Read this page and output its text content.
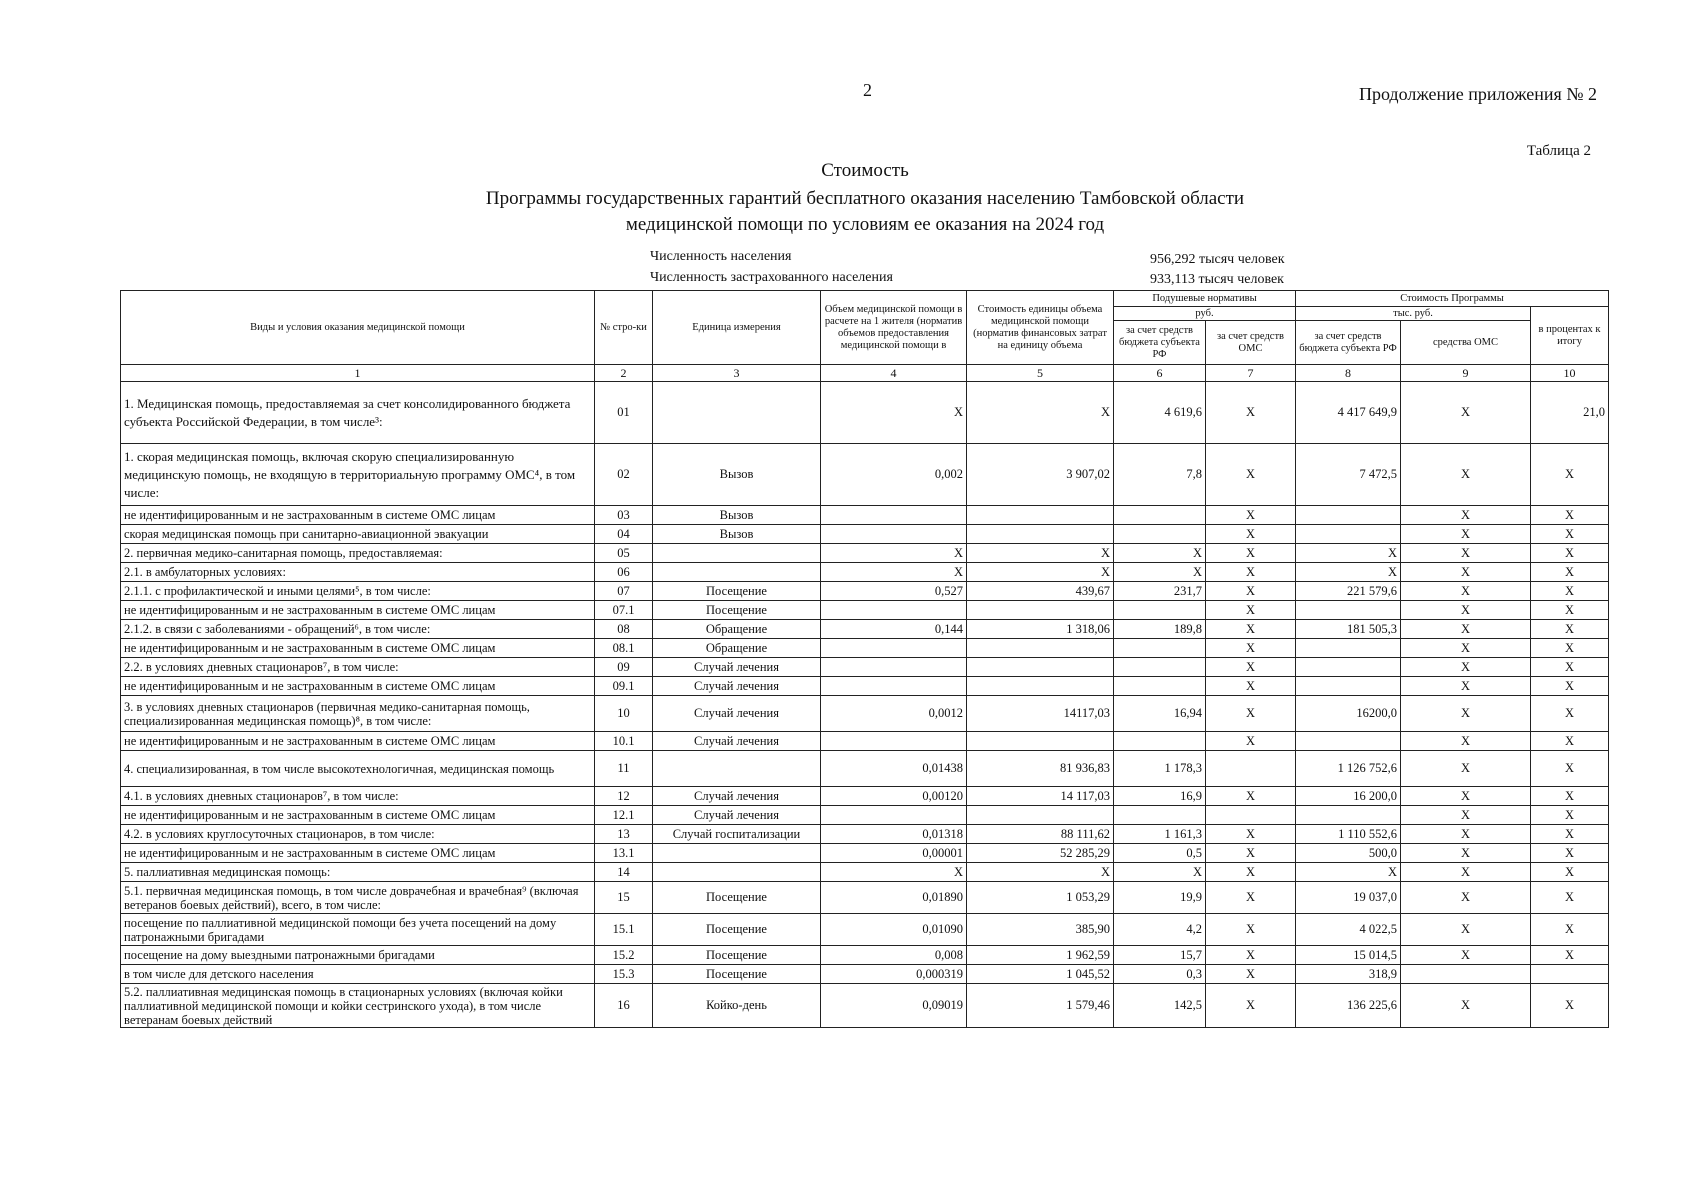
2	Продолжение приложения № 2
Таблица 2
Стоимость
Программы государственных гарантий бесплатного оказания населению Тамбовской области
медицинской помощи по условиям ее оказания на 2024 год
Численность населения	956,292 тысяч человек
Численность застрахованного населения	933,113 тысяч человек
Виды и условия оказания медицинской помощи	№ стро-ки	Единица измерения	Объем медицинской помощи в расчете на 1 жителя (норматив объемов предоставления медицинской помощи в	Стоимость единицы объема медицинской помощи (норматив финансовых затрат на единицу объема	Подушевые нормативы		Стоимость Программы		
					руб.		тыс. руб.		в процентах к итогу
					за счет средств бюджета субъекта РФ	за счет средств ОМС	за счет средств бюджета субъекта РФ	средства ОМС	
1	2	3	4	5	6	7	8	9	10
1. Медицинская помощь, предоставляемая за счет консолидированного бюджета субъекта Российской Федерации, в том числе³:	01		Х	Х	4 619,6	Х	4 417 649,9	Х	21,0
1. скорая медицинская помощь, включая скорую специализированную медицинскую помощь, не входящую в территориальную программу ОМС⁴, в том числе:	02	Вызов	0,002	3 907,02	7,8	Х	7 472,5	Х	Х
не идентифицированным и не застрахованным в системе ОМС лицам	03	Вызов				Х		Х	Х
скорая медицинская помощь при санитарно-авиационной эвакуации	04	Вызов				Х		Х	Х
2. первичная медико-санитарная помощь, предоставляемая:	05		Х	Х	Х	Х	Х	Х	Х
2.1. в амбулаторных условиях:	06		Х	Х	Х	Х	Х	Х	Х
2.1.1. с профилактической и иными целями⁵, в том числе:	07	Посещение	0,527	439,67	231,7	Х	221 579,6	Х	Х
не идентифицированным и не застрахованным в системе ОМС лицам	07.1	Посещение				Х		Х	Х
2.1.2. в связи с заболеваниями - обращений⁶, в том числе:	08	Обращение	0,144	1 318,06	189,8	Х	181 505,3	Х	Х
не идентифицированным и не застрахованным в системе ОМС лицам	08.1	Обращение				Х		Х	Х
2.2. в условиях дневных стационаров⁷, в том числе:	09	Случай лечения				Х		Х	Х
не идентифицированным и не застрахованным в системе ОМС лицам	09.1	Случай лечения				Х		Х	Х
3. в условиях дневных стационаров (первичная медико-санитарная помощь, специализированная медицинская помощь)⁸, в том числе:	10	Случай лечения	0,0012	14117,03	16,94	Х	16200,0	Х	Х
не идентифицированным и не застрахованным в системе ОМС лицам	10.1	Случай лечения				Х		Х	Х
4. специализированная, в том числе высокотехнологичная, медицинская помощь	11		0,01438	81 936,83	1 178,3		1 126 752,6	Х	Х
4.1. в условиях дневных стационаров⁷, в том числе:	12	Случай лечения	0,00120	14 117,03	16,9	Х	16 200,0	Х	Х
не идентифицированным и не застрахованным в системе ОМС лицам	12.1	Случай лечения						Х	Х
4.2. в условиях круглосуточных стационаров, в том числе:	13	Случай госпитализации	0,01318	88 111,62	1 161,3	Х	1 110 552,6	Х	Х
не идентифицированным и не застрахованным в системе ОМС лицам	13.1		0,00001	52 285,29	0,5	Х	500,0	Х	Х
5. паллиативная медицинская помощь:	14		Х	Х	Х	Х	Х	Х	Х
5.1. первичная медицинская помощь, в том числе доврачебная и врачебная⁹ (включая ветеранов боевых действий), всего, в том числе:	15	Посещение	0,01890	1 053,29	19,9	Х	19 037,0	Х	Х
посещение по паллиативной медицинской помощи без учета посещений на дому патронажными бригадами	15.1	Посещение	0,01090	385,90	4,2	Х	4 022,5	Х	Х
посещение на дому выездными патронажными бригадами	15.2	Посещение	0,008	1 962,59	15,7	Х	15 014,5	Х	Х
в том числе для детского населения	15.3	Посещение	0,000319	1 045,52	0,3	Х	318,9		
5.2. паллиативная медицинская помощь в стационарных условиях (включая койки паллиативной медицинской помощи и койки сестринского ухода), в том числе ветеранам боевых действий	16	Койко-день	0,09019	1 579,46	142,5	Х	136 225,6	Х	Х
